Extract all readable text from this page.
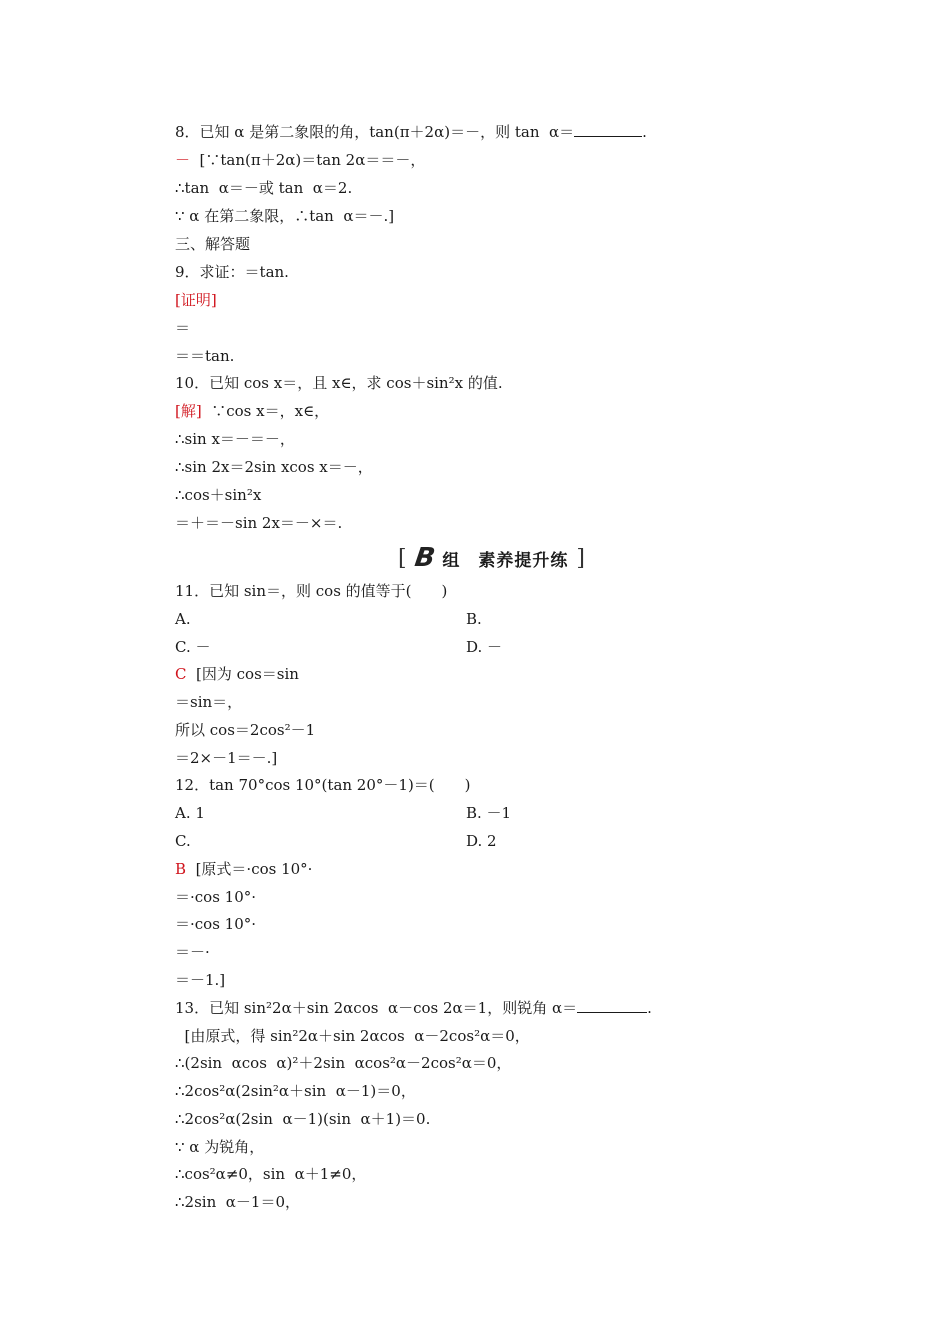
8．已知 α 是第二象限的角，tan(π＋2α)＝－，则 tan  α＝	.
－  [∵tan(π＋2α)＝tan 2α＝＝－，
∴tan  α＝－或 tan  α＝2.
∵ α 在第二象限，∴tan  α＝－.]
三、解答题
9．求证：＝tan.
[证明]
＝
＝＝tan.
10．已知 cos x＝，且 x∈，求 cos＋sin²x 的值.
[解]  ∵cos x＝，x∈，
∴sin x＝－＝－，
∴sin 2x＝2sin xcos x＝－，
∴cos＋sin²x
＝＋＝－sin 2x＝－×＝.
[ B 组 素养提升练 ]
11．已知 sin＝，则 cos 的值等于(　　)
A.	B.
C. －	D. －
C  [因为 cos＝sin
＝sin＝，
所以 cos＝2cos²－1
＝2×－1＝－.]
12．tan 70°cos 10°(tan 20°－1)＝(　　)
A. 1	B. －1
C.	D. 2
B  [原式＝·cos 10°·
＝·cos 10°·
＝·cos 10°·
＝－·
＝－1.]
13．已知 sin²2α＋sin 2αcos  α－cos 2α＝1，则锐角 α＝	.
[由原式，得 sin²2α＋sin 2αcos  α－2cos²α＝0，
∴(2sin  αcos  α)²＋2sin  αcos²α－2cos²α＝0，
∴2cos²α(2sin²α＋sin  α－1)＝0，
∴2cos²α(2sin  α－1)(sin  α＋1)＝0.
∵ α 为锐角，
∴cos²α≠0，sin  α＋1≠0，
∴2sin  α－1＝0，
